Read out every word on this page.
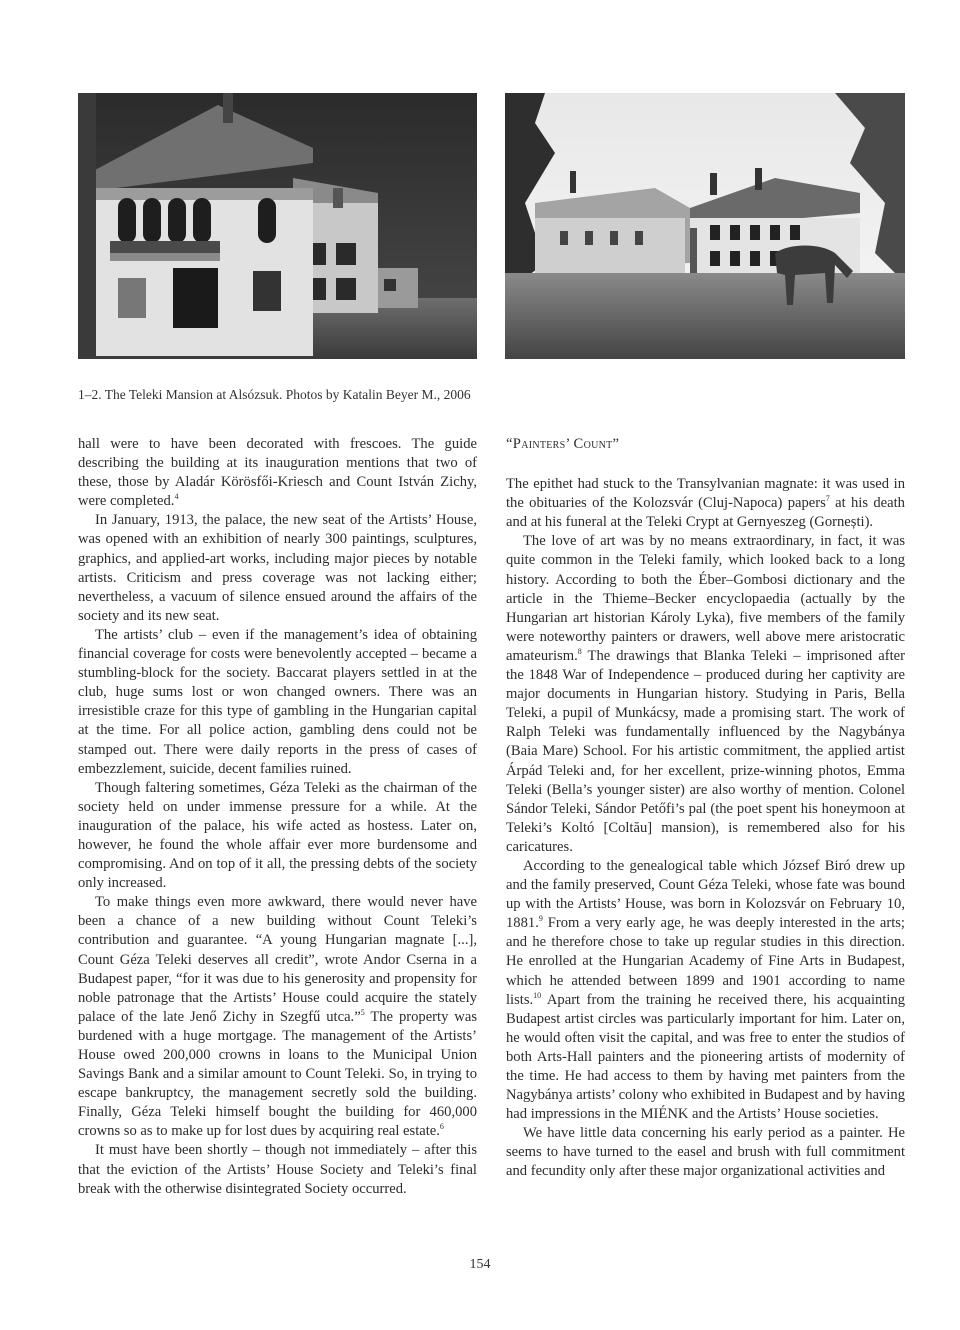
1–2. The Teleki Mansion at Alsózsuk. Photos by Katalin Beyer M., 2006

hall were to have been decorated with frescoes. The guide describing the building at its inauguration mentions that two of these, those by Aladár Körösfői-Kriesch and Count István Zichy, were completed.$^4$

In January, 1913, the palace, the new seat of the Artists’ House, was opened with an exhibition of nearly 300 paintings, sculptures, graphics, and applied-art works, including major pieces by notable artists. Criticism and press coverage was not lacking either; nevertheless, a vacuum of silence ensued around the affairs of the society and its new seat.

The artists’ club – even if the management’s idea of obtaining financial coverage for costs were benevolently accepted – became a stumbling-block for the society. Baccarat players settled in at the club, huge sums lost or won changed owners. There was an irresistible craze for this type of gambling in the Hungarian capital at the time. For all police action, gambling dens could not be stamped out. There were daily reports in the press of cases of embezzlement, suicide, decent families ruined.

Though faltering sometimes, Géza Teleki as the chairman of the society held on under immense pressure for a while. At the inauguration of the palace, his wife acted as hostess. Later on, however, he found the whole affair ever more burdensome and compromising. And on top of it all, the pressing debts of the society only increased.

To make things even more awkward, there would never have been a chance of a new building without Count Teleki’s contribution and guarantee. “A young Hungarian magnate [...], Count Géza Teleki deserves all credit”, wrote Andor Cserna in a Budapest paper, “for it was due to his generosity and propensity for noble patronage that the Artists’ House could acquire the stately palace of the late Jenő Zichy in Szegfű utca.”$^5$ The property was burdened with a huge mortgage. The management of the Artists’ House owed 200,000 crowns in loans to the Municipal Union Savings Bank and a similar amount to Count Teleki. So, in trying to escape bankruptcy, the management secretly sold the building. Finally, Géza Teleki himself bought the building for 460,000 crowns so as to make up for lost dues by acquiring real estate.$^6$

It must have been shortly – though not immediately – after this that the eviction of the Artists’ House Society and Teleki’s final break with the otherwise disintegrated Society occurred.

“Painters’ Count”

The epithet had stuck to the Transylvanian magnate: it was used in the obituaries of the Kolozsvár (Cluj-Napoca) papers$^7$ at his death and at his funeral at the Teleki Crypt at Gernyeszeg (Gornești).

The love of art was by no means extraordinary, in fact, it was quite common in the Teleki family, which looked back to a long history. According to both the Éber–Gombosi dictionary and the article in the Thieme–Becker encyclopaedia (actually by the Hungarian art historian Károly Lyka), five members of the family were noteworthy painters or drawers, well above mere aristocratic amateurism.$^8$ The drawings that Blanka Teleki – imprisoned after the 1848 War of Independence – produced during her captivity are major documents in Hungarian history. Studying in Paris, Bella Teleki, a pupil of Munkácsy, made a promising start. The work of Ralph Teleki was fundamentally influenced by the Nagybánya (Baia Mare) School. For his artistic commitment, the applied artist Árpád Teleki and, for her excellent, prize-winning photos, Emma Teleki (Bella’s younger sister) are also worthy of mention. Colonel Sándor Teleki, Sándor Petőfi’s pal (the poet spent his honeymoon at Teleki’s Koltó [Coltău] mansion), is remembered also for his caricatures.

According to the genealogical table which József Biró drew up and the family preserved, Count Géza Teleki, whose fate was bound up with the Artists’ House, was born in Kolozsvár on February 10, 1881.$^9$ From a very early age, he was deeply interested in the arts; and he therefore chose to take up regular studies in this direction. He enrolled at the Hungarian Academy of Fine Arts in Budapest, which he attended between 1899 and 1901 according to name lists.$^{10}$ Apart from the training he received there, his acquainting Budapest artist circles was particularly important for him. Later on, he would often visit the capital, and was free to enter the studios of both Arts-Hall painters and the pioneering artists of modernity of the time. He had access to them by having met painters from the Nagybánya artists’ colony who exhibited in Budapest and by having had impressions in the MIÉNK and the Artists’ House societies.

We have little data concerning his early period as a painter. He seems to have turned to the easel and brush with full commitment and fecundity only after these major organizational activities and

154
